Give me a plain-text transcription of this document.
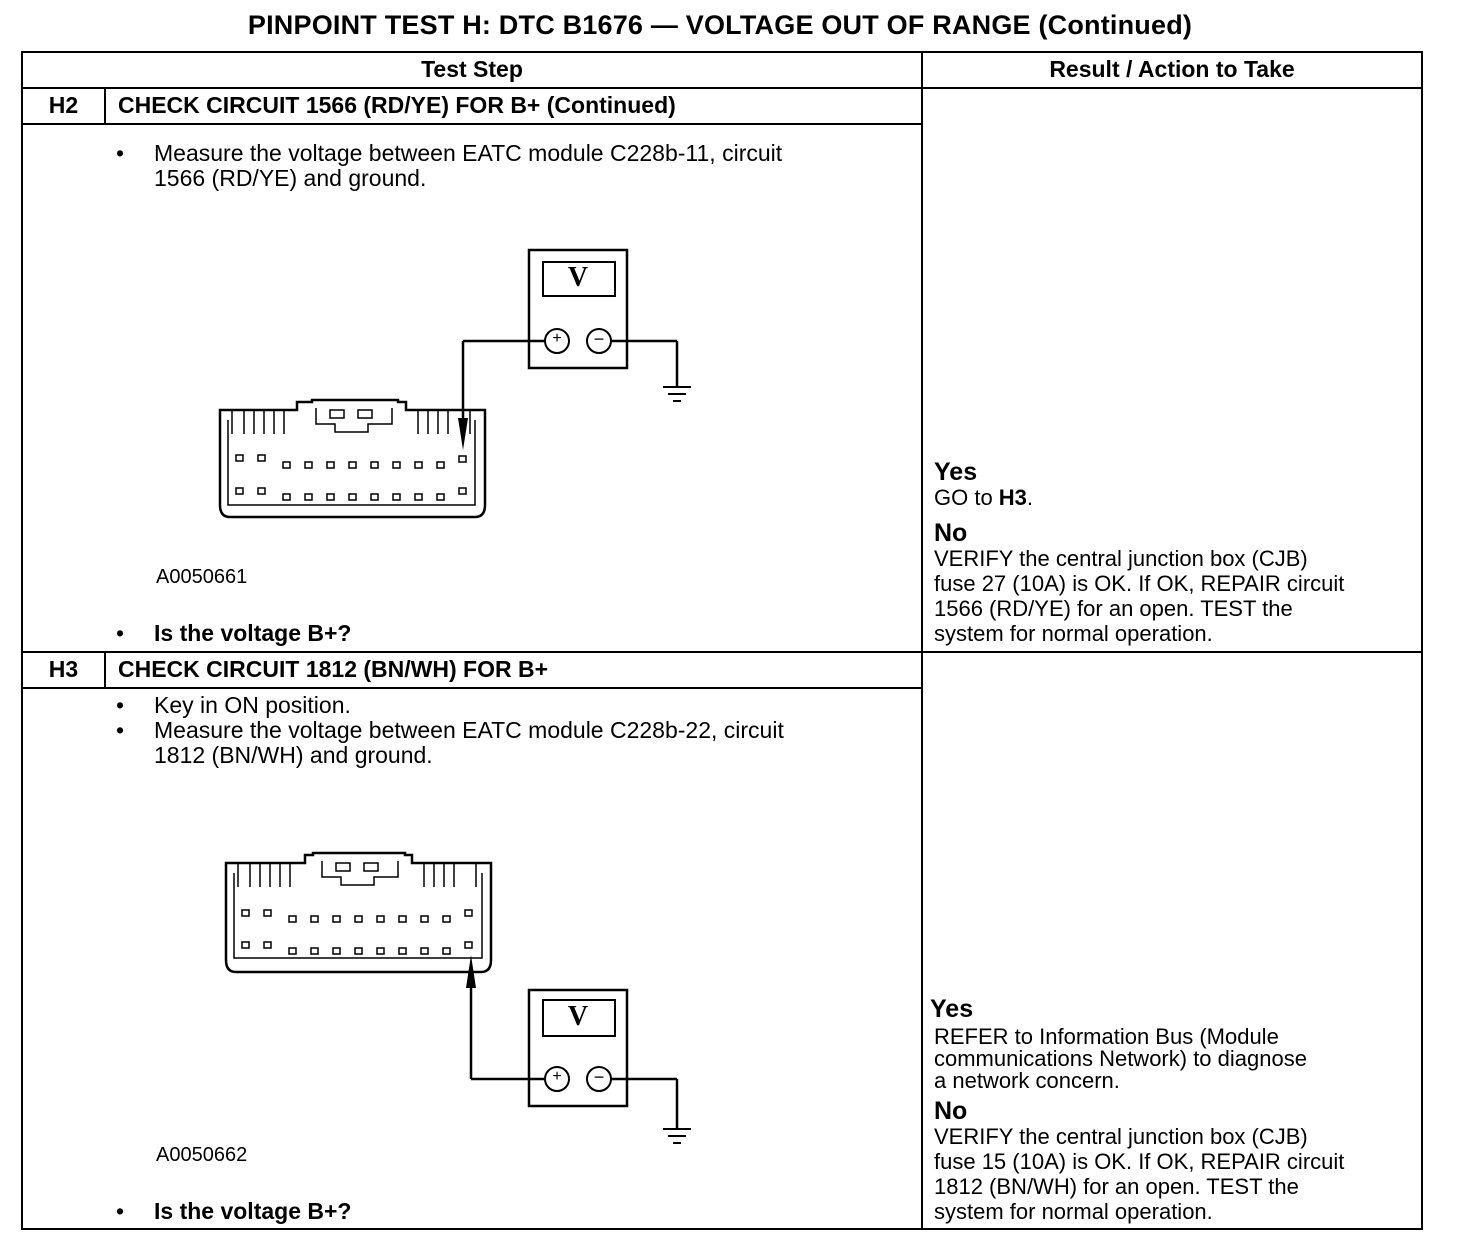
PINPOINT TEST H: DTC B1676 — VOLTAGE OUT OF RANGE (Continued)
Test Step	Result / Action to Take
H2	CHECK CIRCUIT 1566 (RD/YE) FOR B+ (Continued)
• Measure the voltage between EATC module C228b-11, circuit
1566 (RD/YE) and ground.
V
+ −
A0050661
• Is the voltage B+?
Yes
GO to H3.
No
VERIFY the central junction box (CJB)
fuse 27 (10A) is OK. If OK, REPAIR circuit
1566 (RD/YE) for an open. TEST the
system for normal operation.
H3	CHECK CIRCUIT 1812 (BN/WH) FOR B+
• Key in ON position.
• Measure the voltage between EATC module C228b-22, circuit
1812 (BN/WH) and ground.
V
+ −
A0050662
• Is the voltage B+?
Yes
REFER to Information Bus (Module
communications Network) to diagnose
a network concern.
No
VERIFY the central junction box (CJB)
fuse 15 (10A) is OK. If OK, REPAIR circuit
1812 (BN/WH) for an open. TEST the
system for normal operation.
